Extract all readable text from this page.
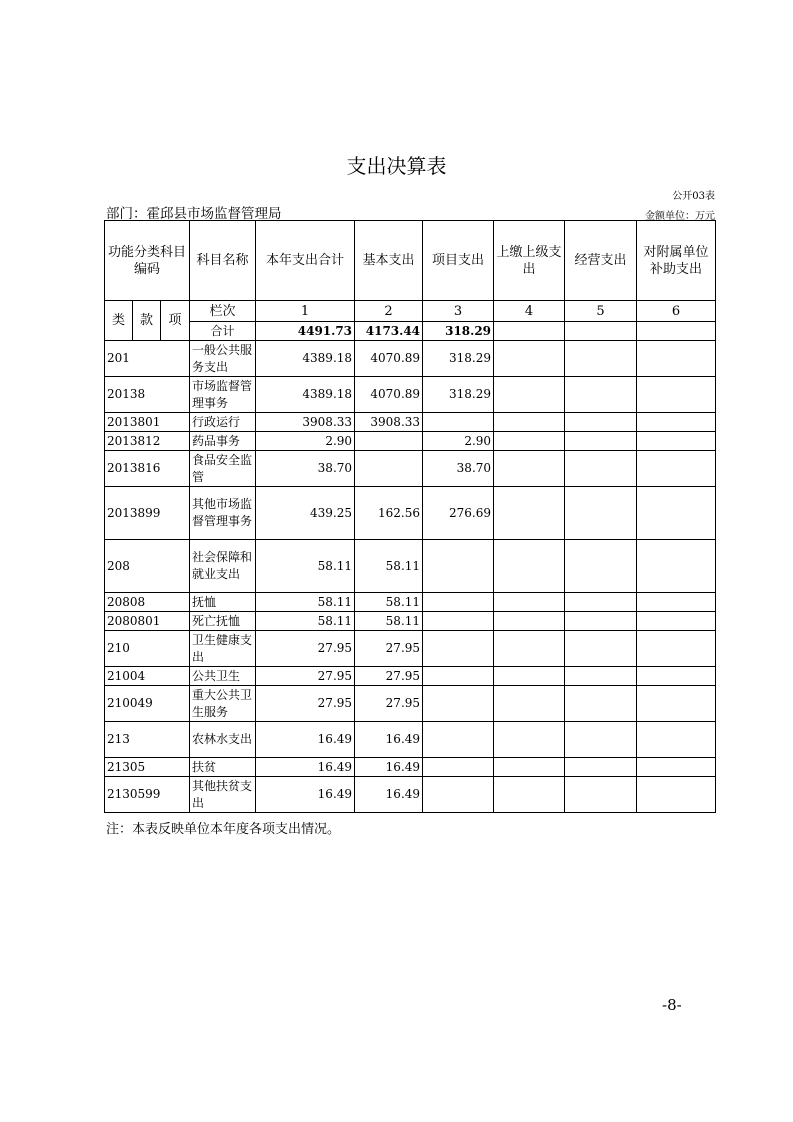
支出决算表
公开03表
部门：霍邱县市场监督管理局	金额单位：万元
功能分类科目编码			科目名称	本年支出合计	基本支出	项目支出	上缴上级支出	经营支出	对附属单位补助支出
类	款	项	栏次	1	2	3	4	5	6
			合计	4491.73	4173.44	318.29			
201			一般公共服务支出	4389.18	4070.89	318.29			
20138			市场监督管理事务	4389.18	4070.89	318.29			
2013801			行政运行	3908.33	3908.33				
2013812			药品事务	2.90		2.90			
2013816			食品安全监管	38.70		38.70			
2013899			其他市场监督管理事务	439.25	162.56	276.69			
208			社会保障和就业支出	58.11	58.11				
20808			抚恤	58.11	58.11				
2080801			死亡抚恤	58.11	58.11				
210			卫生健康支出	27.95	27.95				
21004			公共卫生	27.95	27.95				
210049			重大公共卫生服务	27.95	27.95				
213			农林水支出	16.49	16.49				
21305			扶贫	16.49	16.49				
2130599			其他扶贫支出	16.49	16.49				
注：本表反映单位本年度各项支出情况。
-8-
